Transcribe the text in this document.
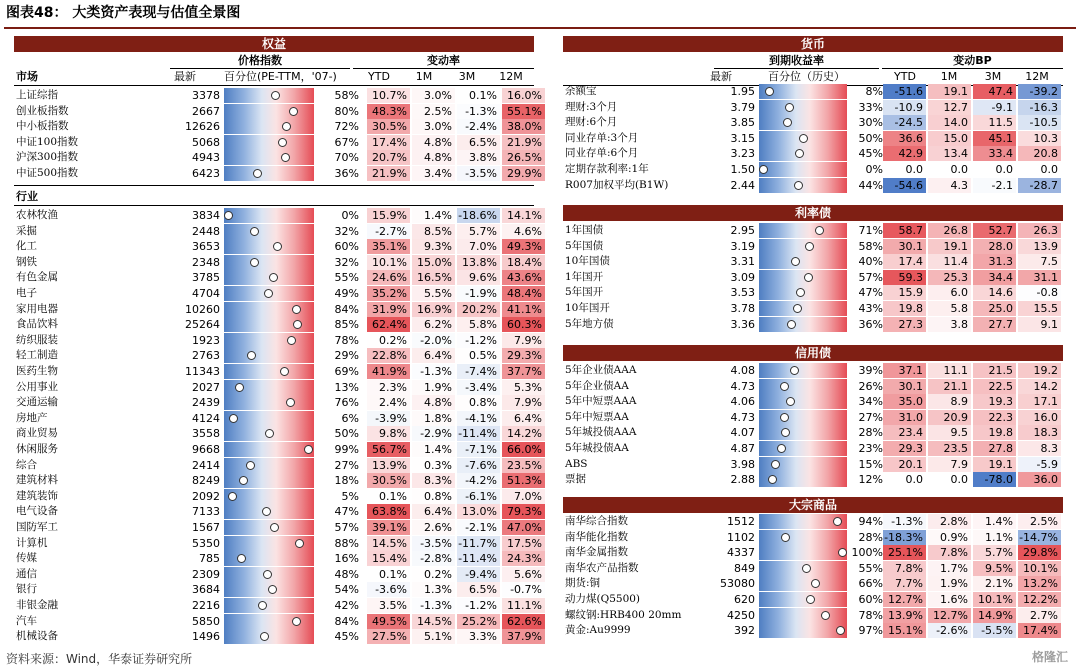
图表48： 大类资产表现与估值全景图
权益
价格指数	变动率
市场	最新	百分位(PE-TTM，'07-)	YTD	1M	3M	12M
上证综指	3378	58%	10.7%	3.0%	0.1% 16.0%
创业板指数	2667	80%	48.3%	2.5%	-1.3% 55.1%
中小板指数	12626	72%	30.5%	3.0%	-2.4% 38.0%
中证100指数	5068	67%	17.4%	4.8%	6.5% 21.9%
沪深300指数	4943	70%	20.7%	4.8%	3.8% 26.5%
中证500指数	6423	36%	21.9%	3.4%	-3.5% 29.9%
行业
农林牧渔	3834	0%	15.9%	1.4% -18.6% 14.1%
采掘	2448	32%	-2.7%	8.5%	5.7%	4.6%
化工	3653	60%	35.1%	9.3%	7.0% 49.3%
钢铁	2348	32%	10.1% 15.0% 13.8% 18.4%
有色金属	3785	55%	24.6% 16.5%	9.6% 43.6%
电子	4704	49%	35.2%	5.5%	-1.9% 48.4%
家用电器	10260	84%	31.9% 16.9% 20.2% 41.1%
食品饮料	25264	85%	62.4%	6.2%	5.8% 60.3%
纺织服装	1923	78%	0.2%	-2.0%	-1.2%	7.9%
轻工制造	2763	29%	22.8%	6.4%	0.5% 29.3%
医药生物	11343	69%	41.9%	-1.3%	-7.4% 37.7%
公用事业	2027	13%	2.3%	1.9%	-3.4%	5.3%
交通运输	2439	76%	2.4%	4.8%	0.8%	7.9%
房地产	4124	6%	-3.9%	1.8%	-4.1%	6.4%
商业贸易	3558	50%	9.8%	-2.9% -11.4% 14.2%
休闲服务	9668	99%	56.7%	1.4%	-7.1% 66.0%
综合	2414	27%	13.9%	0.3%	-7.6% 23.5%
建筑材料	8249	18%	30.5%	8.3%	-4.2% 51.3%
建筑装饰	2092	5%	0.1%	0.8%	-6.1%	7.0%
电气设备	7133	47%	63.8%	6.4% 13.0% 79.3%
国防军工	1567	57%	39.1%	2.6%	-2.1% 47.0%
计算机	5350	88%	14.5%	-3.5% -11.7% 17.5%
传媒	785	16%	15.4%	-2.8% -11.4% 24.3%
通信	2309	48%	0.1%	0.2%	-9.4%	5.6%
银行	3684	54%	-3.6%	1.3%	6.5%	-0.7%
非银金融	2216	42%	3.5%	-1.3%	-1.2% 11.1%
汽车	5850	84%	49.5% 14.5% 25.2% 62.6%
机械设备	1496	45%	27.5%	5.1%	3.3% 37.9%
货币
到期收益率	变动BP
最新	百分位（历史）	YTD	1M	3M	12M
余额宝	1.95	8%	-51.6	19.1	47.4	-39.2
理财:3个月	3.79	33%	-10.9	12.7	-9.1	-16.3
理财:6个月	3.85	30%	-24.5	14.0	11.5	-10.5
同业存单:3个月	3.15	50%	36.6	15.0	45.1	10.3
同业存单:6个月	3.23	45%	42.9	13.4	33.4	20.8
定期存款利率:1年	1.50	0%	0.0	0.0	0.0	0.0
R007加权平均(B1W)	2.44	44%	-54.6	4.3	-2.1	-28.7
利率债
1年国债	2.95	71%	58.7	26.8	52.7	26.3
5年国债	3.19	58%	30.1	19.1	28.0	13.9
10年国债	3.31	40%	17.4	11.4	31.3	7.5
1年国开	3.09	57%	59.3	25.3	34.4	31.1
5年国开	3.53	47%	15.9	6.0	14.6	-0.8
10年国开	3.78	43%	19.8	5.8	25.0	15.5
5年地方债	3.36	36%	27.3	3.8	27.7	9.1
信用债
5年企业债AAA	4.08	39%	37.1	11.1	21.5	19.2
5年企业债AA	4.73	26%	30.1	21.1	22.5	14.2
5年中短票AAA	4.06	34%	35.0	8.9	19.3	17.1
5年中短票AA	4.73	27%	31.0	20.9	22.3	16.0
5年城投债AAA	4.07	28%	23.4	9.5	19.8	18.3
5年城投债AA	4.87	23%	29.3	23.5	27.8	8.3
ABS	3.98	15%	20.1	7.9	19.1	-5.9
票据	2.88	12%	0.0	0.0	-78.0	36.0
大宗商品
南华综合指数	1512	94% -1.3%	2.8%	1.4%	2.5%
南华能化指数	1102	28% -18.3%	0.9%	1.1% -14.7%
南华金属指数	4337	100% 25.1%	7.8%	5.7% 29.8%
南华农产品指数	849	55%	7.8%	1.7%	9.5% 10.1%
期货:铜	53080	66%	7.7%	1.9%	2.1% 13.2%
动力煤(Q5500)	620	60% 12.7%	1.6% 10.1% 12.2%
螺纹钢:HRB400 20mm	4250	78% 13.9% 12.7% 14.9%	2.7%
黄金:Au9999	392	97% 15.1%	-2.6%	-5.5% 17.4%
资料来源：Wind，华泰证券研究所	格隆汇
